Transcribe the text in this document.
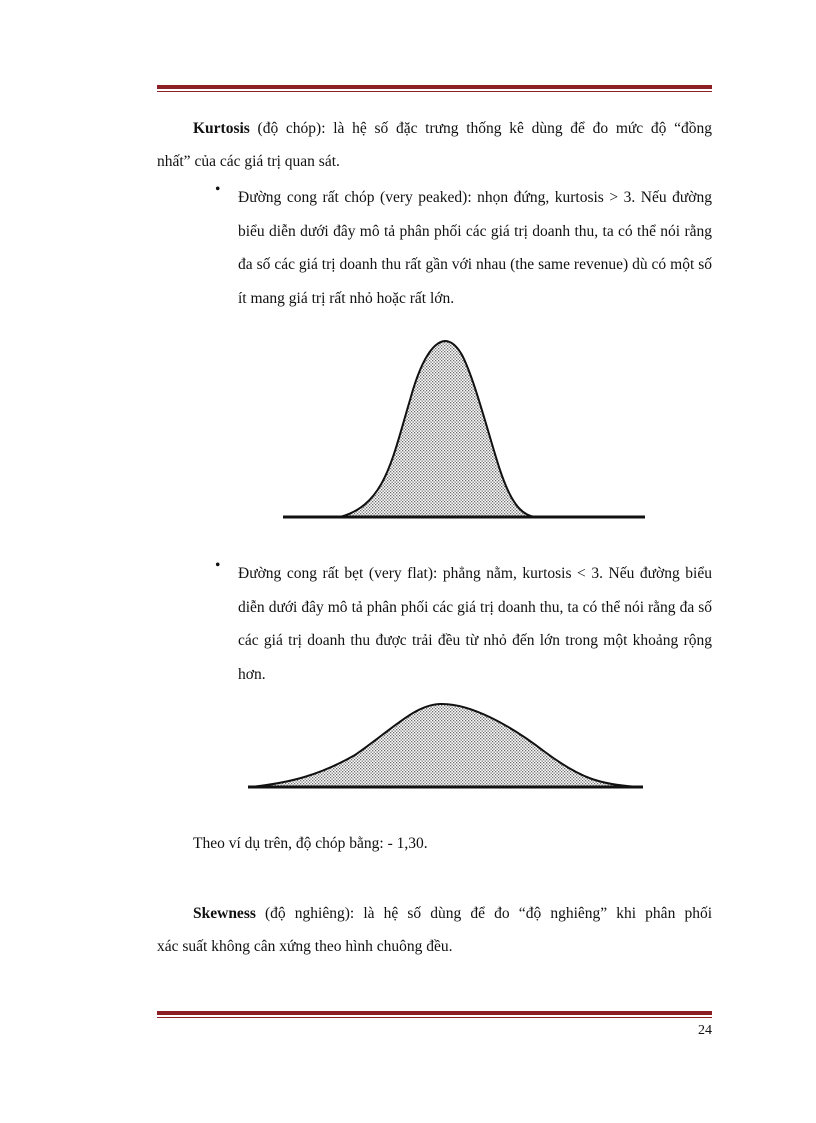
Kurtosis (độ chóp): là hệ số đặc trưng thống kê dùng để đo mức độ “đồng
nhất” của các giá trị quan sát.
• Đường cong rất chóp (very peaked): nhọn đứng, kurtosis > 3. Nếu đường biểu diễn dưới đây mô tả phân phối các giá trị doanh thu, ta có thể nói rằng đa số các giá trị doanh thu rất gần với nhau (the same revenue) dù có một số ít mang giá trị rất nhỏ hoặc rất lớn.
• Đường cong rất bẹt (very flat): phẳng nằm, kurtosis < 3. Nếu đường biểu diễn dưới đây mô tả phân phối các giá trị doanh thu, ta có thể nói rằng đa số các giá trị doanh thu được trải đều từ nhỏ đến lớn trong một khoảng rộng hơn.
Theo ví dụ trên, độ chóp bằng: - 1,30.
Skewness (độ nghiêng): là hệ số dùng để đo “độ nghiêng” khi phân phối
xác suất không cân xứng theo hình chuông đều.
24
